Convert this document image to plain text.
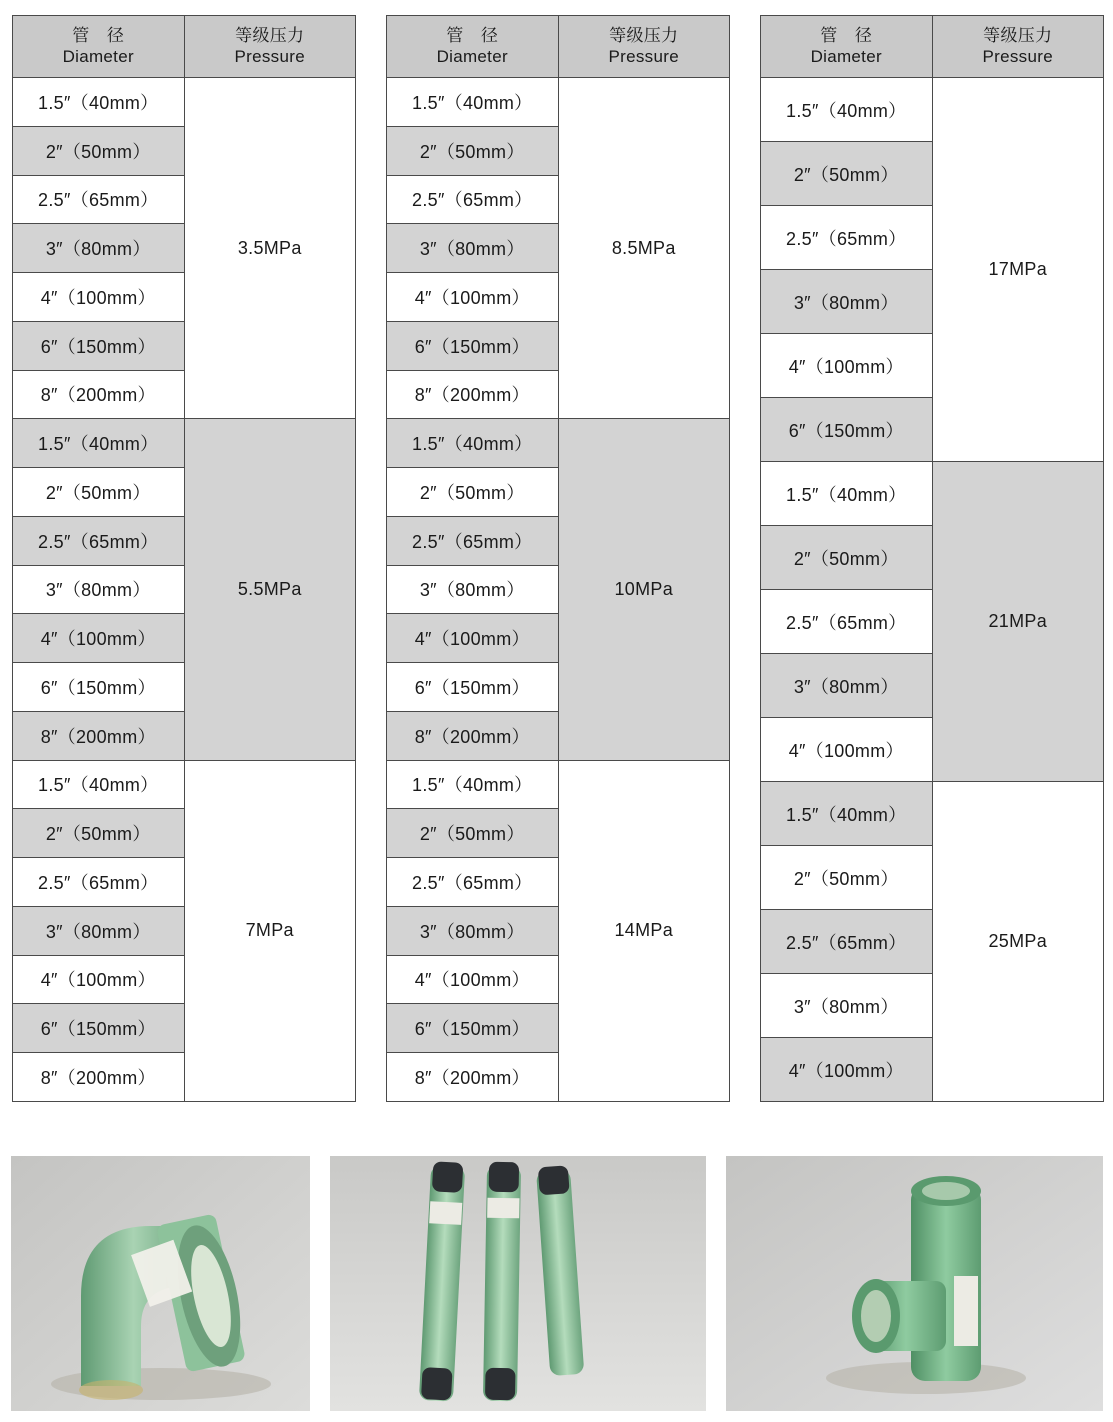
管　径
Diameter	等级压力
Pressure

1.5″（40mm）	3.5MPa
2″（50mm）	
2.5″（65mm）	
3″（80mm）	
4″（100mm）	
6″（150mm）	
8″（200mm）	
1.5″（40mm）	5.5MPa
2″（50mm）	
2.5″（65mm）	
3″（80mm）	
4″（100mm）	
6″（150mm）	
8″（200mm）	
1.5″（40mm）	7MPa
2″（50mm）	
2.5″（65mm）	
3″（80mm）	
4″（100mm）	
6″（150mm）	
8″（200mm）	
管　径
Diameter	等级压力
Pressure

1.5″（40mm）	8.5MPa
2″（50mm）	
2.5″（65mm）	
3″（80mm）	
4″（100mm）	
6″（150mm）	
8″（200mm）	
1.5″（40mm）	10MPa
2″（50mm）	
2.5″（65mm）	
3″（80mm）	
4″（100mm）	
6″（150mm）	
8″（200mm）	
1.5″（40mm）	14MPa
2″（50mm）	
2.5″（65mm）	
3″（80mm）	
4″（100mm）	
6″（150mm）	
8″（200mm）	
管　径
Diameter	等级压力
Pressure

1.5″（40mm）	17MPa
2″（50mm）	
2.5″（65mm）	
3″（80mm）	
4″（100mm）	
6″（150mm）	
1.5″（40mm）	21MPa
2″（50mm）	
2.5″（65mm）	
3″（80mm）	
4″（100mm）	
1.5″（40mm）	25MPa
2″（50mm）	
2.5″（65mm）	
3″（80mm）	
4″（100mm）	
